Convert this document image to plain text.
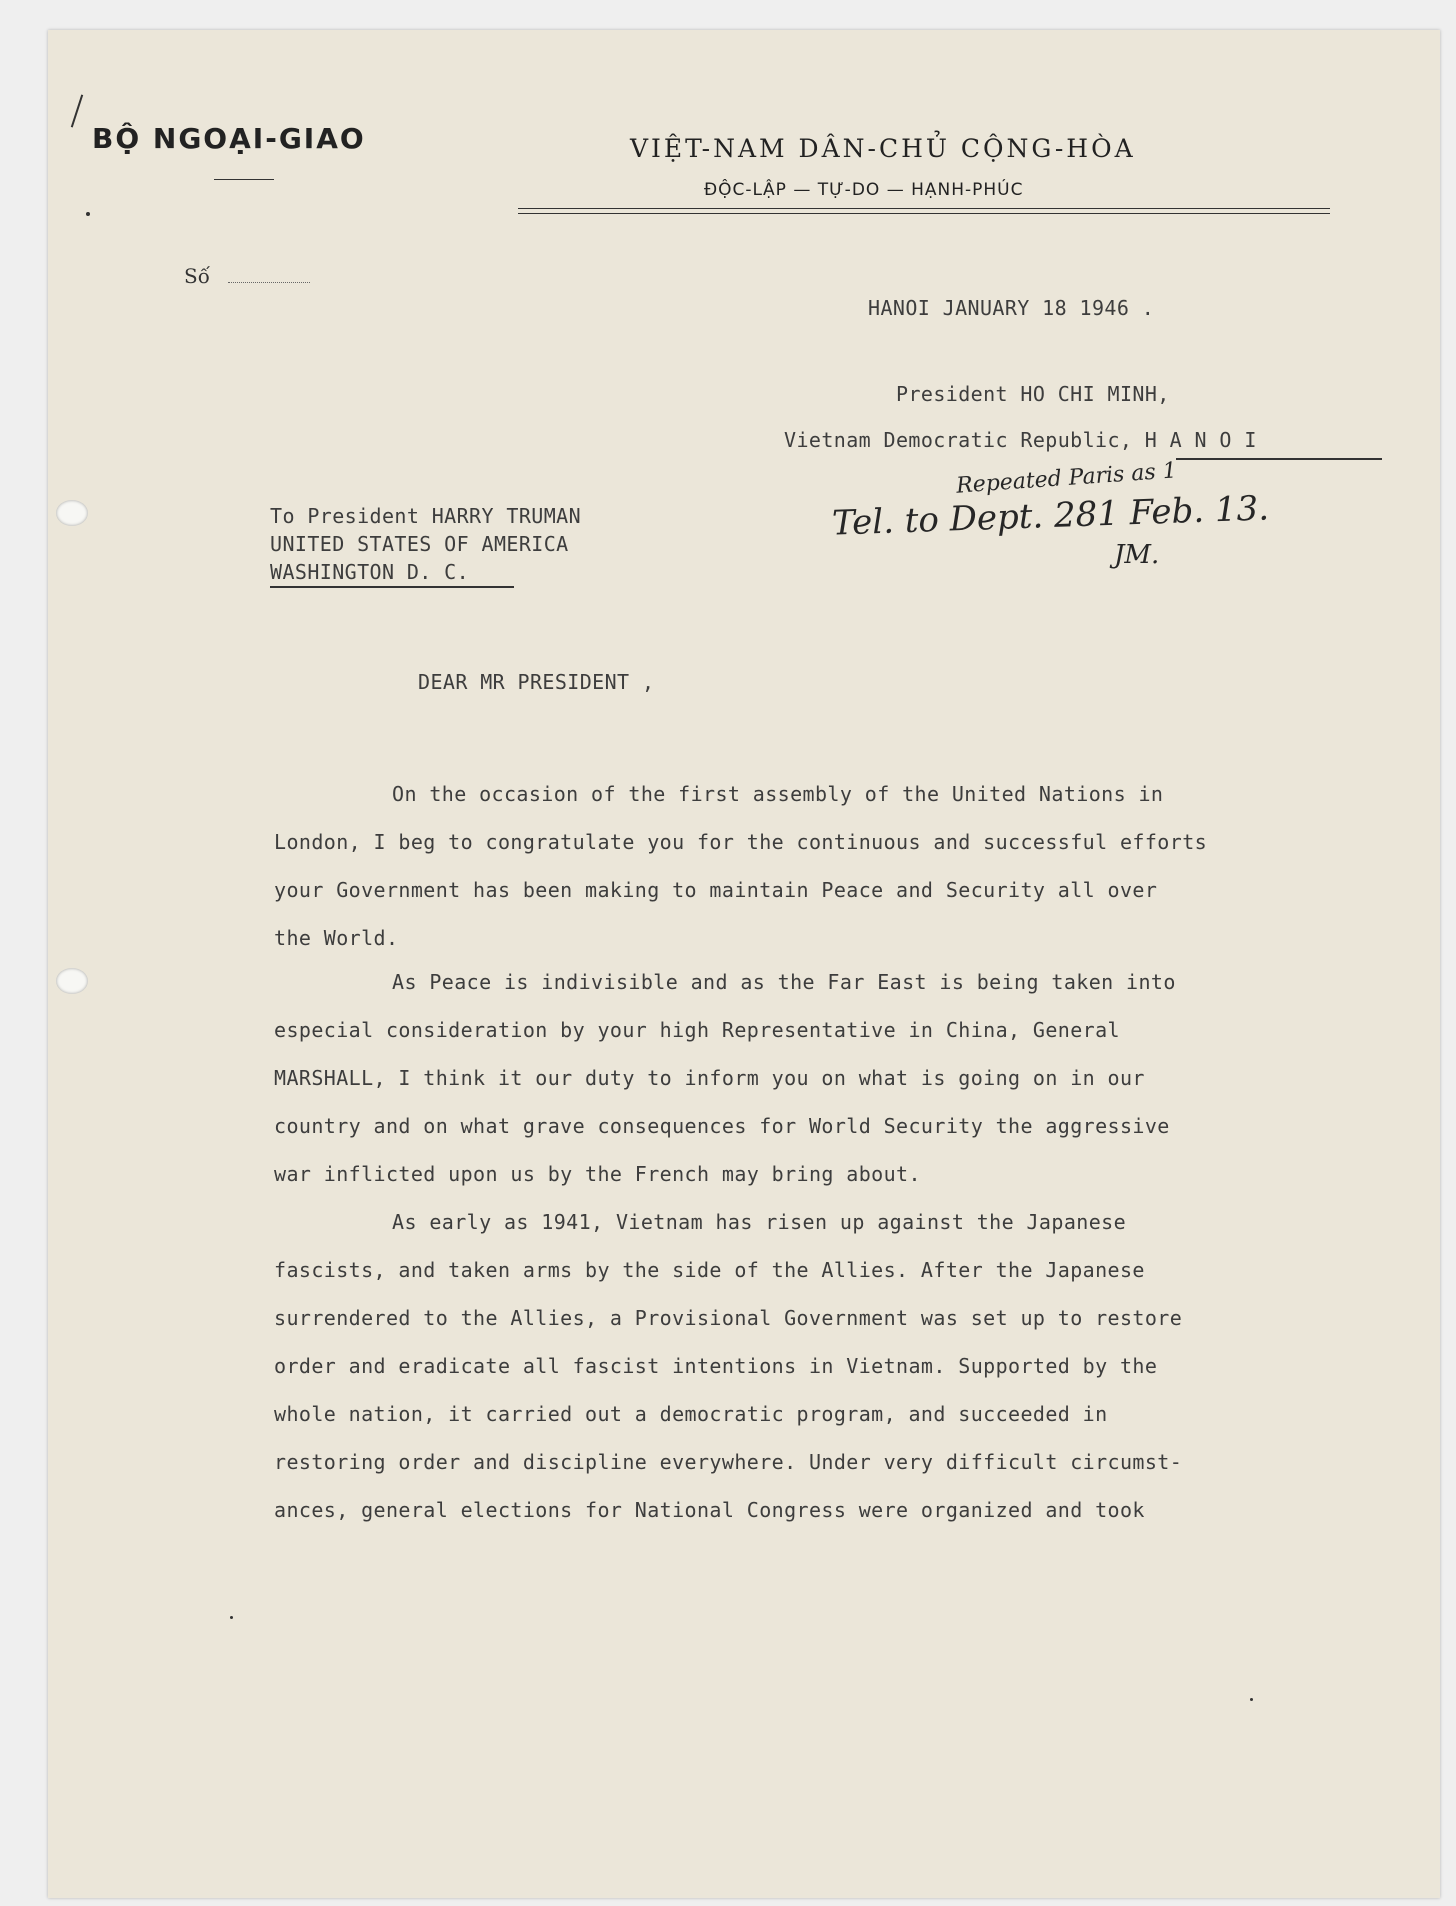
BỘ NGOẠI-GIAO	VIỆT-NAM DÂN-CHỦ CỘNG-HÒA
ĐỘC-LẬP — TỰ-DO — HẠNH-PHÚC
Số
HANOI JANUARY 18 1946 .
President HO CHI MINH,
Vietnam Democratic Republic, H A N O I
Repeated Paris as 1
Tel. to Dept. 281 Feb. 13.
JM.
To President HARRY TRUMAN
UNITED STATES OF AMERICA
WASHINGTON D. C.
DEAR MR PRESIDENT ,
On the occasion of the first assembly of the United Nations in
London, I beg to congratulate you for the continuous and successful efforts
your Government has been making to maintain Peace and Security all over
the World.
As Peace is indivisible and as the Far East is being taken into
especial consideration by your high Representative in China, General
MARSHALL, I think it our duty to inform you on what is going on in our
country and on what grave consequences for World Security the aggressive
war inflicted upon us by the French may bring about.
As early as 1941, Vietnam has risen up against the Japanese
fascists, and taken arms by the side of the Allies. After the Japanese
surrendered to the Allies, a Provisional Government was set up to restore
order and eradicate all fascist intentions in Vietnam. Supported by the
whole nation, it carried out a democratic program, and succeeded in
restoring order and discipline everywhere. Under very difficult circumst-
ances, general elections for National Congress were organized and took
